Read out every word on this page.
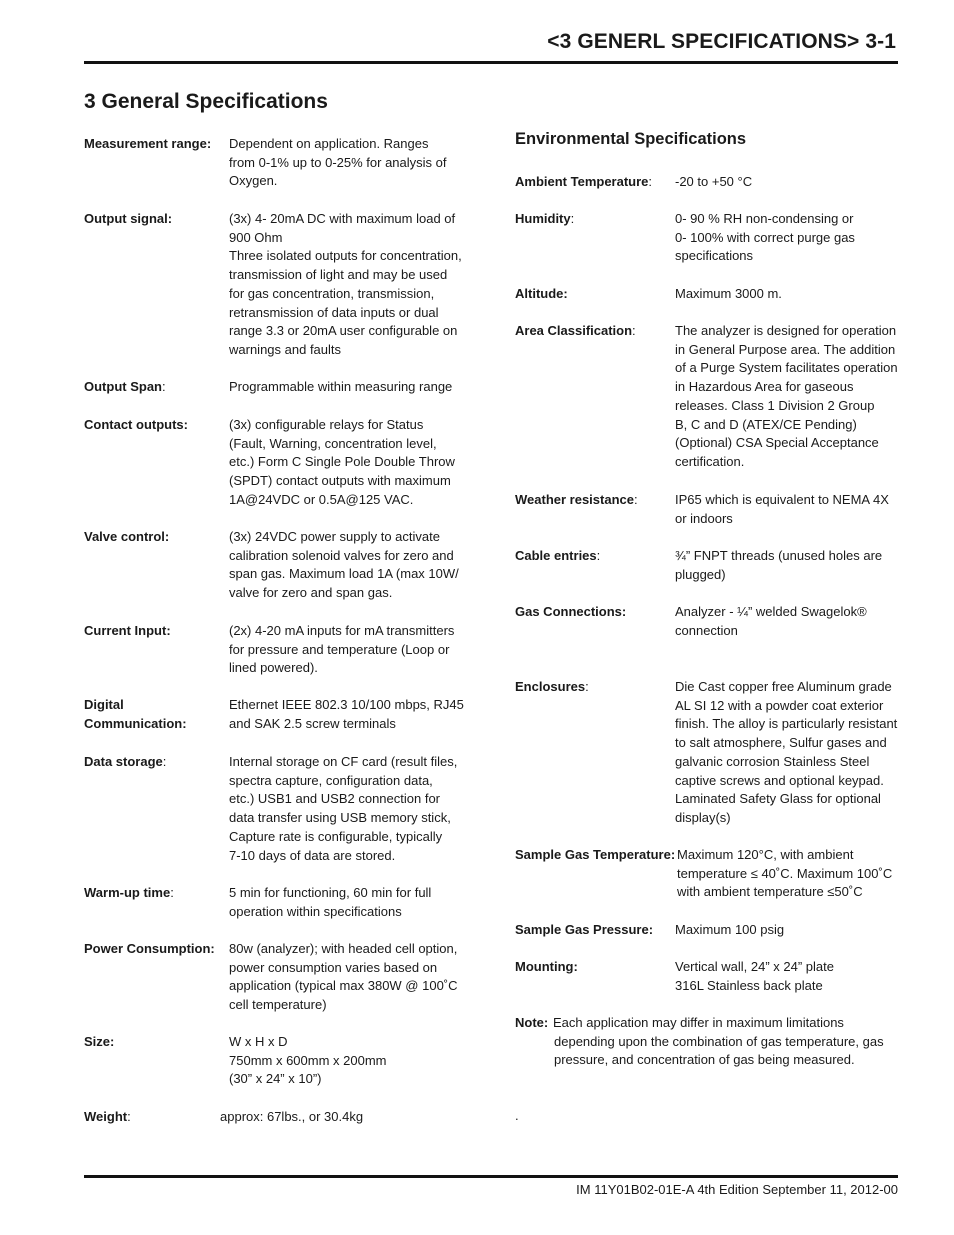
<3 GENERL SPECIFICATIONS> 3-1
3 General Specifications
Environmental Specifications
Measurement range: Dependent on application. Ranges
from 0-1% up to 0-25% for analysis of
Oxygen.
Output signal:	(3x) 4- 20mA DC with maximum load of
900 Ohm
Three isolated outputs for concentration,
transmission of light and may be used
for gas concentration, transmission,
retransmission of data inputs or dual
range 3.3 or 20mA user configurable on
warnings and faults
Output Span:	Programmable within measuring range
Contact outputs:	(3x) configurable relays for Status
(Fault, Warning, concentration level,
etc.) Form C Single Pole Double Throw
(SPDT) contact outputs with maximum
1A@24VDC or 0.5A@125 VAC.
Valve control:	(3x) 24VDC power supply to activate
calibration solenoid valves for zero and
span gas. Maximum load 1A (max 10W/
valve for zero and span gas.
Current Input:	(2x) 4-20 mA inputs for mA transmitters
for pressure and temperature (Loop or
lined powered).
Digital
Communication:
Ethernet IEEE 802.3 10/100 mbps, RJ45
and SAK 2.5 screw terminals
Data storage:	Internal storage on CF card (result files,
spectra capture, configuration data,
etc.) USB1 and USB2 connection for
data transfer using USB memory stick,
Capture rate is configurable, typically
7-10 days of data are stored.
Warm-up time:	5 min for functioning, 60 min for full
operation within specifications
Power Consumption: 80w (analyzer); with headed cell option,
power consumption varies based on
application (typical max 380W @ 100˚C
cell temperature)
Size:	W x H x D
750mm x 600mm x 200mm
(30” x 24” x 10”)
Weight:	approx: 67lbs., or 30.4kg
Ambient Temperature: -20 to +50 °C
Humidity:	0- 90 % RH non-condensing or
0- 100% with correct purge gas
specifications
Altitude:	Maximum 3000 m.
Area Classification:	The analyzer is designed for operation
in General Purpose area. The addition
of a Purge System facilitates operation
in Hazardous Area for gaseous
releases. Class 1 Division 2 Group
B, C and D (ATEX/CE Pending)
(Optional) CSA Special Acceptance
certification.
Weather resistance:	IP65 which is equivalent to NEMA 4X
or indoors
Cable entries:	¾” FNPT threads (unused holes are
plugged)
Gas Connections:	Analyzer - ¼” welded Swagelok®
connection
Enclosures:	Die Cast copper free Aluminum grade
AL SI 12 with a powder coat exterior
finish. The alloy is particularly resistant
to salt atmosphere, Sulfur gases and
galvanic corrosion Stainless Steel
captive screws and optional keypad.
Laminated Safety Glass for optional
display(s)
Sample Gas Temperature: Maximum 120°C, with ambient
temperature ≤ 40˚C. Maximum 100˚C
with ambient temperature ≤50˚C
Sample Gas Pressure: Maximum 100 psig
Mounting:	Vertical wall, 24” x 24” plate
316L Stainless back plate
Note: Each application may differ in maximum limitations
depending upon the combination of gas temperature, gas
pressure, and concentration of gas being measured.
.
IM 11Y01B02-01E-A 4th Edition September 11, 2012-00
